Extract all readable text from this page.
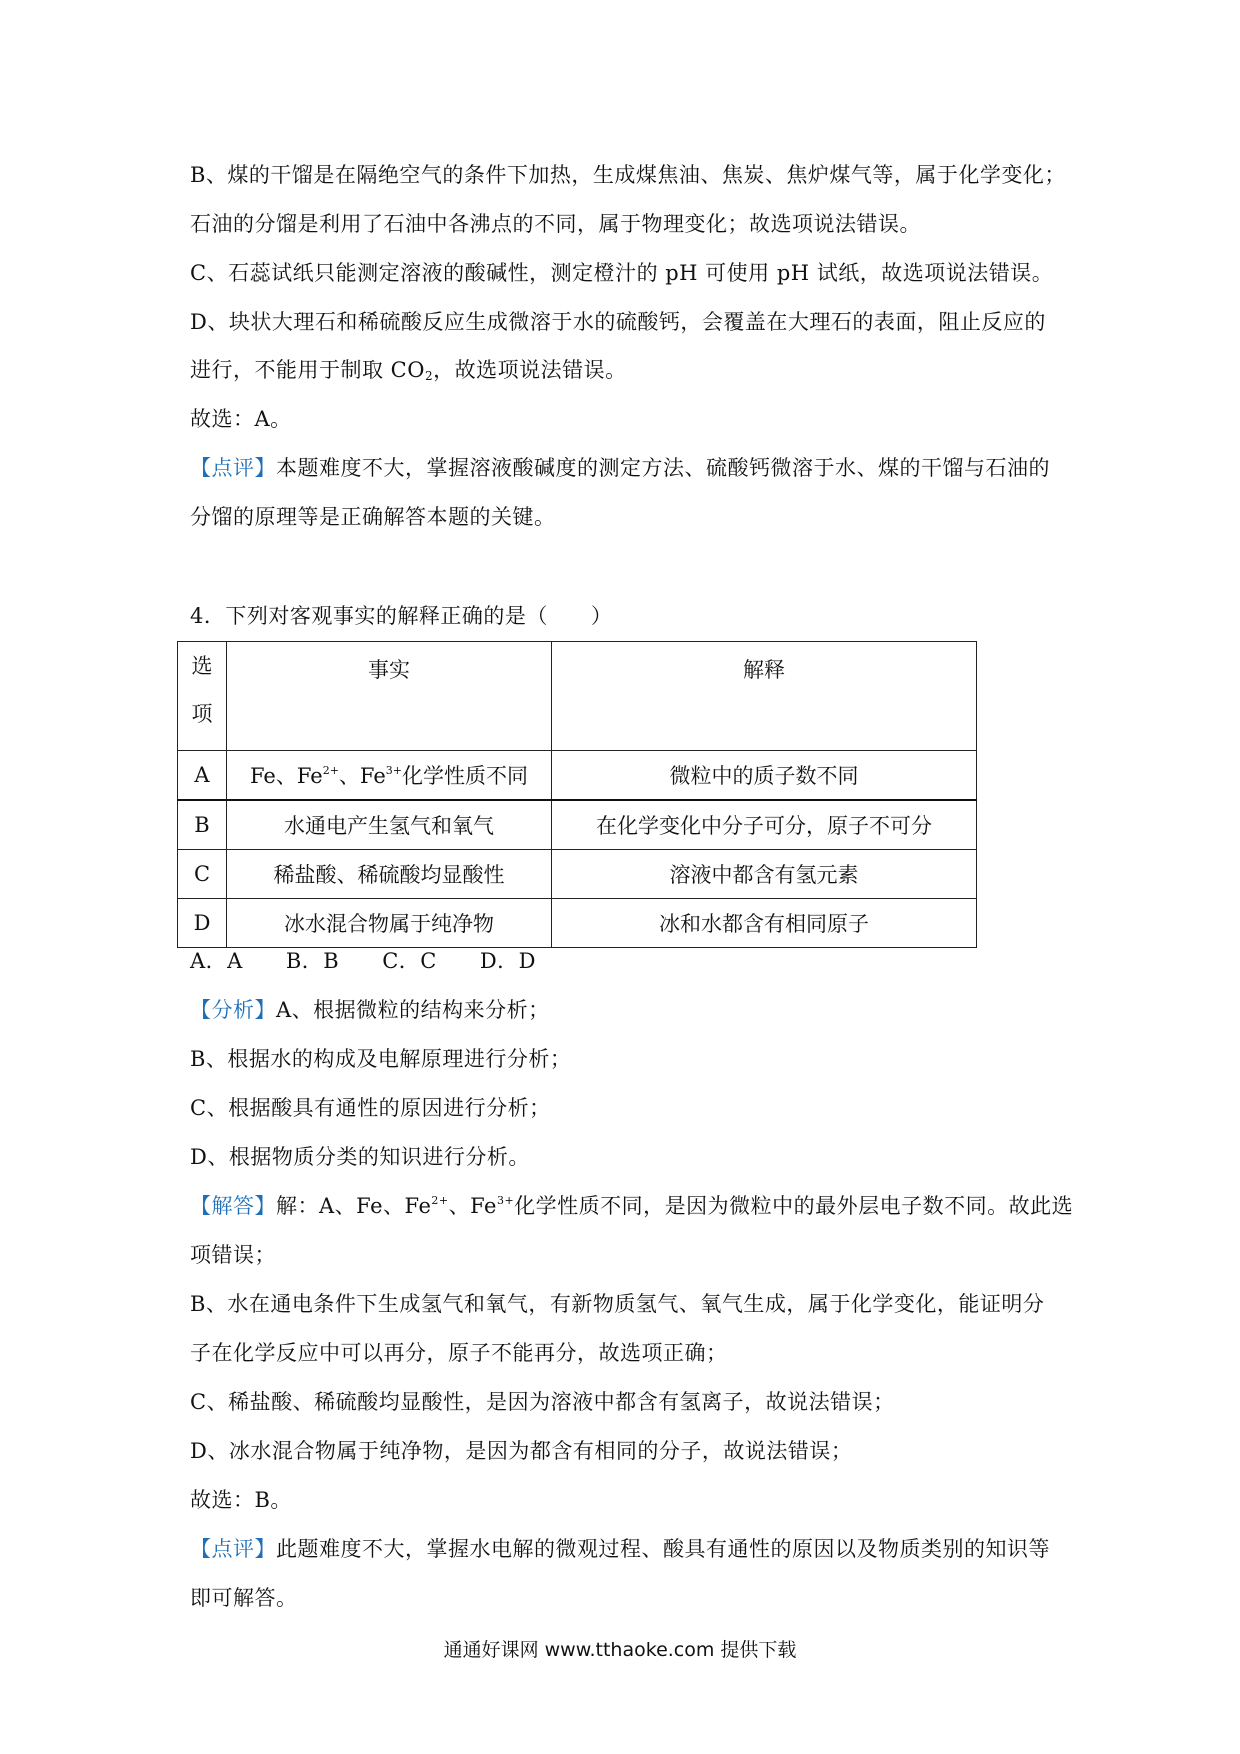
B、煤的干馏是在隔绝空气的条件下加热，生成煤焦油、焦炭、焦炉煤气等，属于化学变化；
石油的分馏是利用了石油中各沸点的不同，属于物理变化；故选项说法错误。
C、石蕊试纸只能测定溶液的酸碱性，测定橙汁的 pH 可使用 pH 试纸，故选项说法错误。
D、块状大理石和稀硫酸反应生成微溶于水的硫酸钙，会覆盖在大理石的表面，阻止反应的
进行，不能用于制取 $CO_2$，故选项说法错误。
故选：A。
【点评】本题难度不大，掌握溶液酸碱度的测定方法、硫酸钙微溶于水、煤的干馏与石油的
分馏的原理等是正确解答本题的关键。
4．下列对客观事实的解释正确的是（　　）
选
项	事实	解释
A	Fe、$Fe^{2+}$、$Fe^{3+}$化学性质不同	微粒中的质子数不同
B	水通电产生氢气和氧气	在化学变化中分子可分，原子不可分
C	稀盐酸、稀硫酸均显酸性	溶液中都含有氢元素
D	冰水混合物属于纯净物	冰和水都含有相同原子
A．A　　B．B　　C．C　　D．D
【分析】A、根据微粒的结构来分析；
B、根据水的构成及电解原理进行分析；
C、根据酸具有通性的原因进行分析；
D、根据物质分类的知识进行分析。
【解答】解：A、Fe、$Fe^{2+}$、$Fe^{3+}$化学性质不同，是因为微粒中的最外层电子数不同。故此选
项错误；
B、水在通电条件下生成氢气和氧气，有新物质氢气、氧气生成，属于化学变化，能证明分
子在化学反应中可以再分，原子不能再分，故选项正确；
C、稀盐酸、稀硫酸均显酸性，是因为溶液中都含有氢离子，故说法错误；
D、冰水混合物属于纯净物，是因为都含有相同的分子，故说法错误；
故选：B。
【点评】此题难度不大，掌握水电解的微观过程、酸具有通性的原因以及物质类别的知识等
即可解答。
通通好课网 www.tthaoke.com 提供下载
